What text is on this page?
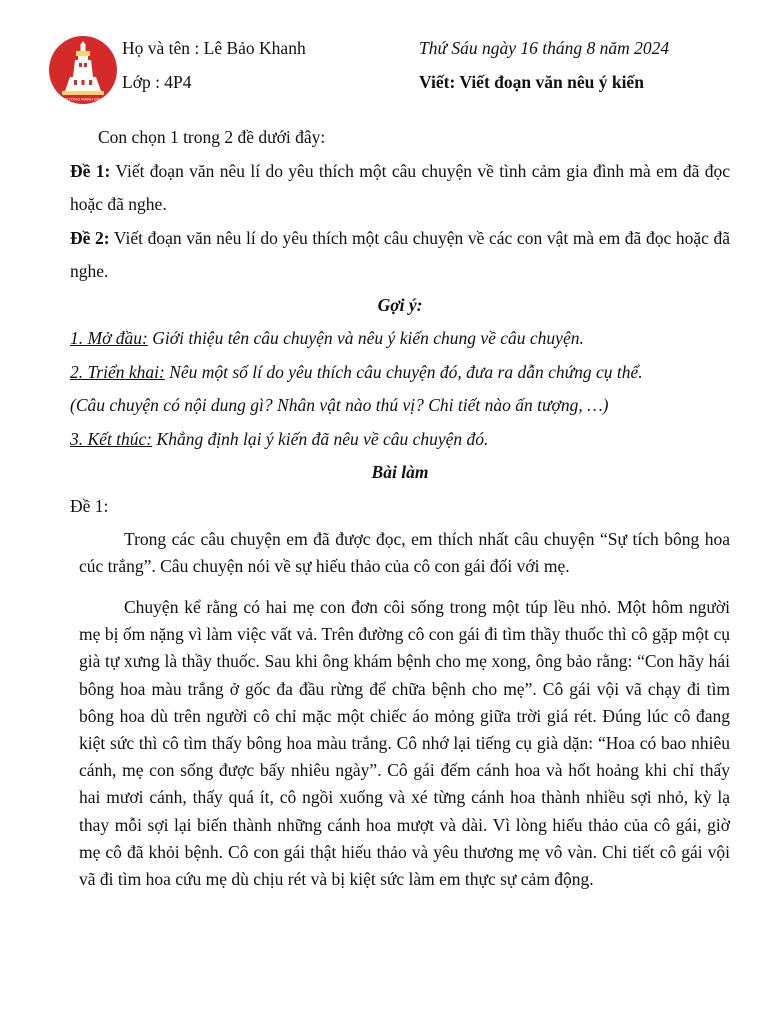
TRƯỜNG MẠNH ĐINH
Họ và tên : Lê Bảo Khanh
Lớp : 4P4
Thứ Sáu ngày 16 tháng 8 năm 2024
Viết: Viết đoạn văn nêu ý kiến

Con chọn 1 trong 2 đề dưới đây:

Đề 1: Viết đoạn văn nêu lí do yêu thích một câu chuyện về tình cảm gia đình mà em đã đọc hoặc đã nghe.

Đề 2: Viết đoạn văn nêu lí do yêu thích một câu chuyện về các con vật mà em đã đọc hoặc đã nghe.

Gợi ý:

1. Mở đầu: Giới thiệu tên câu chuyện và nêu ý kiến chung về câu chuyện.

2. Triển khai: Nêu một số lí do yêu thích câu chuyện đó, đưa ra dẫn chứng cụ thể.

(Câu chuyện có nội dung gì? Nhân vật nào thú vị? Chi tiết nào ấn tượng, …)

3. Kết thúc: Khẳng định lại ý kiến đã nêu về câu chuyện đó.

Bài làm

Đề 1:

Trong các câu chuyện em đã được đọc, em thích nhất câu chuyện “Sự tích bông hoa cúc trắng”. Câu chuyện nói về sự hiếu thảo của cô con gái đối với mẹ.

Chuyện kể rằng có hai mẹ con đơn côi sống trong một túp lều nhỏ. Một hôm người mẹ bị ốm nặng vì làm việc vất vả. Trên đường cô con gái đi tìm thầy thuốc thì cô gặp một cụ già tự xưng là thầy thuốc. Sau khi ông khám bệnh cho mẹ xong, ông bảo rằng: “Con hãy hái bông hoa màu trắng ở gốc đa đầu rừng để chữa bệnh cho mẹ”. Cô gái vội vã chạy đi tìm bông hoa dù trên người cô chỉ mặc một chiếc áo mỏng giữa trời giá rét. Đúng lúc cô đang kiệt sức thì cô tìm thấy bông hoa màu trắng. Cô nhớ lại tiếng cụ già dặn: “Hoa có bao nhiêu cánh, mẹ con sống được bấy nhiêu ngày”. Cô gái đếm cánh hoa và hốt hoảng khi chỉ thấy hai mươi cánh, thấy quá ít, cô ngồi xuống và xé từng cánh hoa thành nhiều sợi nhỏ, kỳ lạ thay mỗi sợi lại biến thành những cánh hoa mượt và dài. Vì lòng hiếu thảo của cô gái, giờ mẹ cô đã khỏi bệnh. Cô con gái thật hiếu thảo và yêu thương mẹ vô vàn. Chi tiết cô gái vội vã đi tìm hoa cứu mẹ dù chịu rét và bị kiệt sức làm em thực sự cảm động.
